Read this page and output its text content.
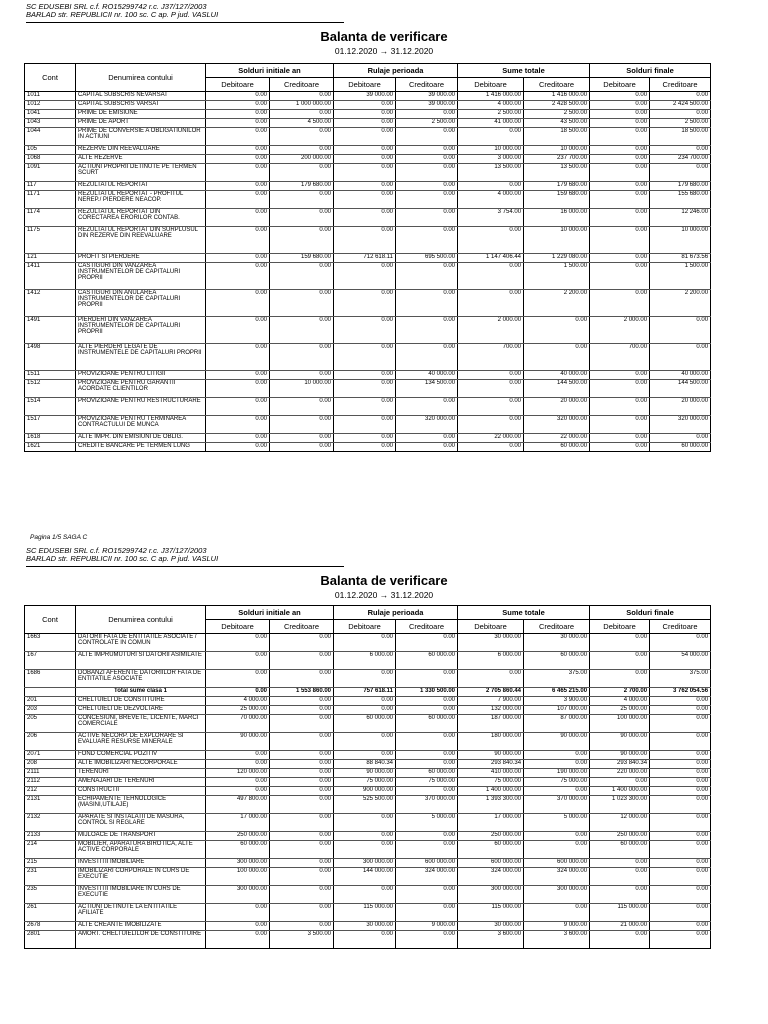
SC EDUSEBI SRL c.f. RO15299742 r.c. J37/127/2003
BARLAD str. REPUBLICII nr. 100 sc. C ap. P jud. VASLUI
Balanta de verificare
01.12.2020 → 31.12.2020
Cont	Denumirea contului	Solduri initiale an		Rulaje perioada		Sume totale		Solduri finale	
		Debitoare	Creditoare	Debitoare	Creditoare	Debitoare	Creditoare	Debitoare	Creditoare
1011	CAPITAL SUBSCRIS NEVARSAT	0.00	0.00	39 000.00	39 000.00	1 416 000.00	1 416 000.00	0.00	0.00
1012	CAPITAL SUBSCRIS VARSAT	0.00	1 000 000.00	0.00	39 000.00	4 000.00	2 428 500.00	0.00	2 424 500.00
1041	PRIME DE EMISIUNE	0.00	0.00	0.00	0.00	2 500.00	2 500.00	0.00	0.00
1043	PRIME DE APORT	0.00	4 500.00	0.00	2 500.00	41 000.00	43 500.00	0.00	2 500.00
1044	PRIME DE CONVERSIE A OBLIGATIUNILOR IN ACTIUNI	0.00	0.00	0.00	0.00	0.00	18 500.00	0.00	18 500.00
105	REZERVE DIN REEVALUARE	0.00	0.00	0.00	0.00	10 000.00	10 000.00	0.00	0.00
1068	ALTE REZERVE	0.00	200 000.00	0.00	0.00	3 000.00	237 700.00	0.00	234 700.00
1091	ACTIUNI PROPRII DETINUTE PE TERMEN SCURT	0.00	0.00	0.00	0.00	13 500.00	13 500.00	0.00	0.00
117	REZULTATUL REPORTAT	0.00	179 680.00	0.00	0.00	0.00	179 680.00	0.00	179 680.00
1171	REZULTATUL REPORTAT - PROFITUL NEREP./ PIERDERE NEACOP.	0.00	0.00	0.00	0.00	4 000.00	159 680.00	0.00	155 680.00
1174	REZULTATUL REPORTAT DIN CORECTAREA ERORILOR CONTAB.	0.00	0.00	0.00	0.00	3 754.00	16 000.00	0.00	12 246.00
1175	REZULTATUL REPORTAT DIN SURPLUSUL DIN REZERVE DIN REEVALUARE	0.00	0.00	0.00	0.00	0.00	10 000.00	0.00	10 000.00
121	PROFIT SI PIERDERE	0.00	159 680.00	712 618.11	695 500.00	1 147 406.44	1 229 080.00	0.00	81 673.56
1411	CASTIGURI DIN VANZAREA INSTRUMENTELOR DE CAPITALURI PROPRII	0.00	0.00	0.00	0.00	0.00	1 500.00	0.00	1 500.00
1412	CASTIGURI DIN ANULAREA INSTRUMENTELOR DE CAPITALURI PROPRII	0.00	0.00	0.00	0.00	0.00	2 200.00	0.00	2 200.00
1491	PIERDERI DIN VANZAREA INSTRUMENTELOR DE CAPITALURI PROPRII	0.00	0.00	0.00	0.00	2 000.00	0.00	2 000.00	0.00
1498	ALTE PIERDERI LEGATE DE INSTRUMENTELE DE CAPITALURI PROPRII	0.00	0.00	0.00	0.00	700.00	0.00	700.00	0.00
1511	PROVIZIOANE PENTRU LITIGII	0.00	0.00	0.00	40 000.00	0.00	40 000.00	0.00	40 000.00
1512	PROVIZIOANE PENTRU GARANTII ACORDATE CLIENTILOR	0.00	10 000.00	0.00	134 500.00	0.00	144 500.00	0.00	144 500.00
1514	PROVIZIOANE PENTRU RESTRUCTURARE	0.00	0.00	0.00	0.00	0.00	20 000.00	0.00	20 000.00
1517	PROVIZIOANE PENTRU TERMINAREA CONTRACTULUI DE MUNCA	0.00	0.00	0.00	320 000.00	0.00	320 000.00	0.00	320 000.00
1618	ALTE IMPR. DIN EMISIUNI DE OBLIG.	0.00	0.00	0.00	0.00	22 000.00	22 000.00	0.00	0.00
1621	CREDITE BANCARE PE TERMEN LUNG	0.00	0.00	0.00	0.00	0.00	60 000.00	0.00	60 000.00
Pagina 1/5 SAGA C
SC EDUSEBI SRL c.f. RO15299742 r.c. J37/127/2003
BARLAD str. REPUBLICII nr. 100 sc. C ap. P jud. VASLUI
Balanta de verificare
01.12.2020 → 31.12.2020
Cont	Denumirea contului	Solduri initiale an		Rulaje perioada		Sume totale		Solduri finale	
		Debitoare	Creditoare	Debitoare	Creditoare	Debitoare	Creditoare	Debitoare	Creditoare
1663	DATORII FATA DE ENTITATILE ASOCIATE / CONTROLATE IN COMUN	0.00	0.00	0.00	0.00	30 000.00	30 000.00	0.00	0.00
167	ALTE IMPRUMUTURI SI DATORII ASIMILATE	0.00	0.00	6 000.00	60 000.00	6 000.00	60 000.00	0.00	54 000.00
1686	DOBANZI AFERENTE DATORIILOR FATA DE ENTITATILE ASOCIATE	0.00	0.00	0.00	0.00	0.00	375.00	0.00	375.00
	Total sume clasa 1	0.00	1 553 860.00	757 618.11	1 330 500.00	2 705 860.44	6 465 215.00	2 700.00	3 762 054.56
201	CHELTUIELI DE CONSTITUIRE	4 000.00	0.00	0.00	0.00	7 900.00	3 900.00	4 000.00	0.00
203	CHELTUIELI DE DEZVOLTARE	25 000.00	0.00	0.00	0.00	132 000.00	107 000.00	25 000.00	0.00
205	CONCESIUNI, BREVETE, LICENTE, MARCI COMERCIALE	70 000.00	0.00	60 000.00	60 000.00	187 000.00	87 000.00	100 000.00	0.00
206	ACTIVE NECORP. DE EXPLORARE SI EVALUARE RESURSE MINERALE	90 000.00	0.00	0.00	0.00	180 000.00	90 000.00	90 000.00	0.00
2071	FOND COMERCIAL POZITIV	0.00	0.00	0.00	0.00	90 000.00	0.00	90 000.00	0.00
208	ALTE IMOBILIZARI NECORPORALE	0.00	0.00	88 840.34	0.00	293 840.34	0.00	293 840.34	0.00
2111	TERENURI	120 000.00	0.00	90 000.00	60 000.00	410 000.00	190 000.00	220 000.00	0.00
2112	AMENAJARI DE TERENURI	0.00	0.00	75 000.00	75 000.00	75 000.00	75 000.00	0.00	0.00
212	CONSTRUCTII	0.00	0.00	900 000.00	0.00	1 400 000.00	0.00	1 400 000.00	0.00
2131	ECHIPAMENTE TEHNOLOGICE (MASINI,UTILAJE)	497 800.00	0.00	525 500.00	370 000.00	1 393 300.00	370 000.00	1 023 300.00	0.00
2132	APARATE SI INSTALATII DE MASURA, CONTROL SI REGLARE	17 000.00	0.00	0.00	5 000.00	17 000.00	5 000.00	12 000.00	0.00
2133	MIJLOACE DE TRANSPORT	250 000.00	0.00	0.00	0.00	250 000.00	0.00	250 000.00	0.00
214	MOBILIER, APARATURA BIROTICA, ALTE ACTIVE CORPORALE	60 000.00	0.00	0.00	0.00	60 000.00	0.00	60 000.00	0.00
215	INVESTITII IMOBILIARE	300 000.00	0.00	300 000.00	600 000.00	600 000.00	600 000.00	0.00	0.00
231	IMOBILIZARI CORPORALE IN CURS DE EXECUTIE	100 000.00	0.00	144 000.00	324 000.00	324 000.00	324 000.00	0.00	0.00
235	INVESTITII IMOBILIARE IN CURS DE EXECUTIE	300 000.00	0.00	0.00	0.00	300 000.00	300 000.00	0.00	0.00
261	ACTIUNI DETINUTE LA ENTITATILE AFILIATE	0.00	0.00	115 000.00	0.00	115 000.00	0.00	115 000.00	0.00
2678	ALTE CREANTE IMOBILIZATE	0.00	0.00	30 000.00	9 000.00	30 000.00	9 000.00	21 000.00	0.00
2801	AMORT. CHELTUIELILOR DE CONSTITUIRE	0.00	3 500.00	0.00	0.00	3 600.00	3 600.00	0.00	0.00
